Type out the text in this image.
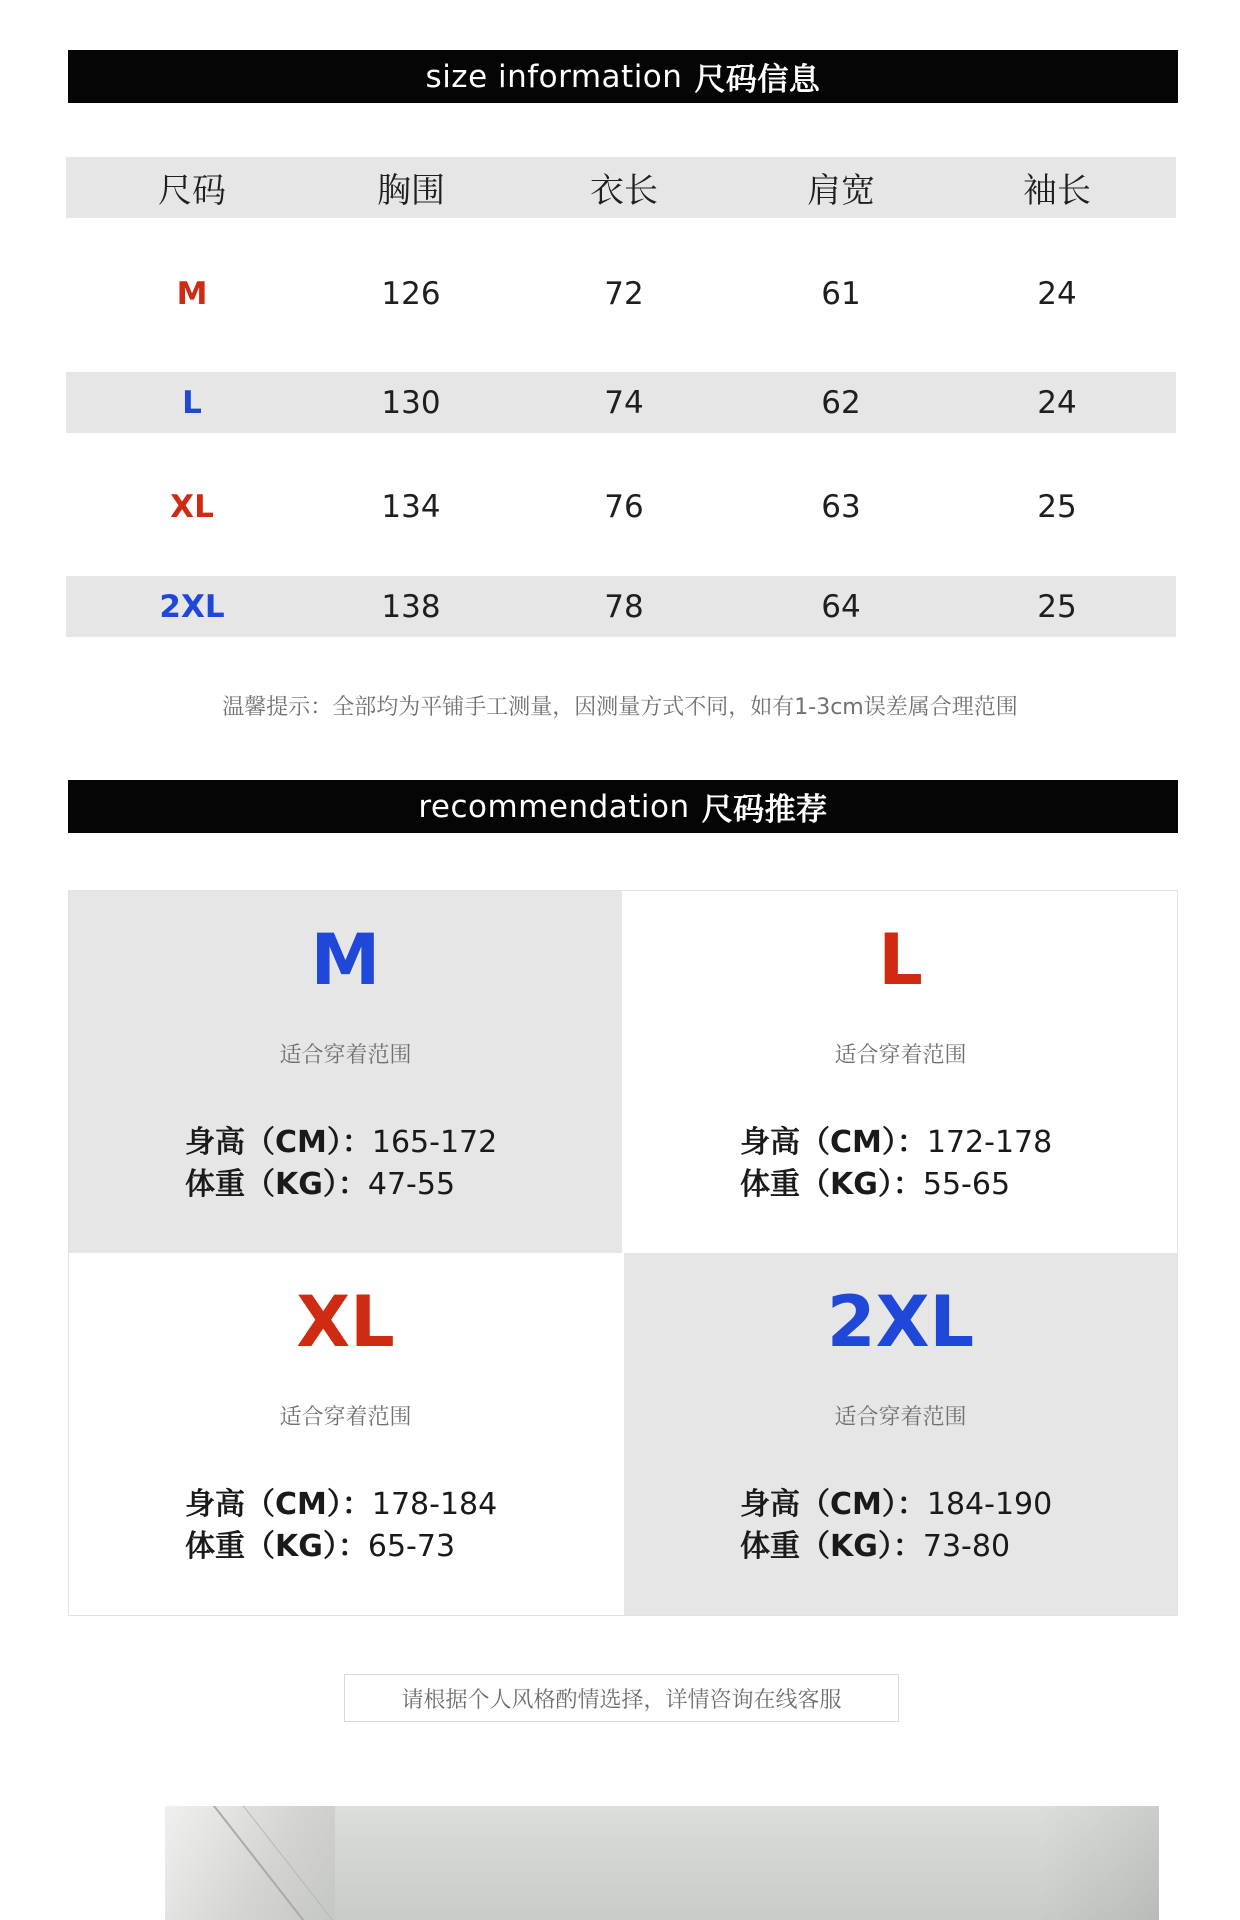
size information 尺码信息
尺码	胸围	衣长	肩宽	袖长
M	126	72	61	24
L	130	74	62	24
XL	134	76	63	25
2XL	138	78	64	25
温馨提示：全部均为平铺手工测量，因测量方式不同，如有1-3cm误差属合理范围
recommendation 尺码推荐
M
适合穿着范围
身高（CM）：165-172
体重（KG）：47-55
L
适合穿着范围
身高（CM）：172-178
体重（KG）：55-65
XL
适合穿着范围
身高（CM）：178-184
体重（KG）：65-73
2XL
适合穿着范围
身高（CM）：184-190
体重（KG）：73-80
请根据个人风格酌情选择，详情咨询在线客服
